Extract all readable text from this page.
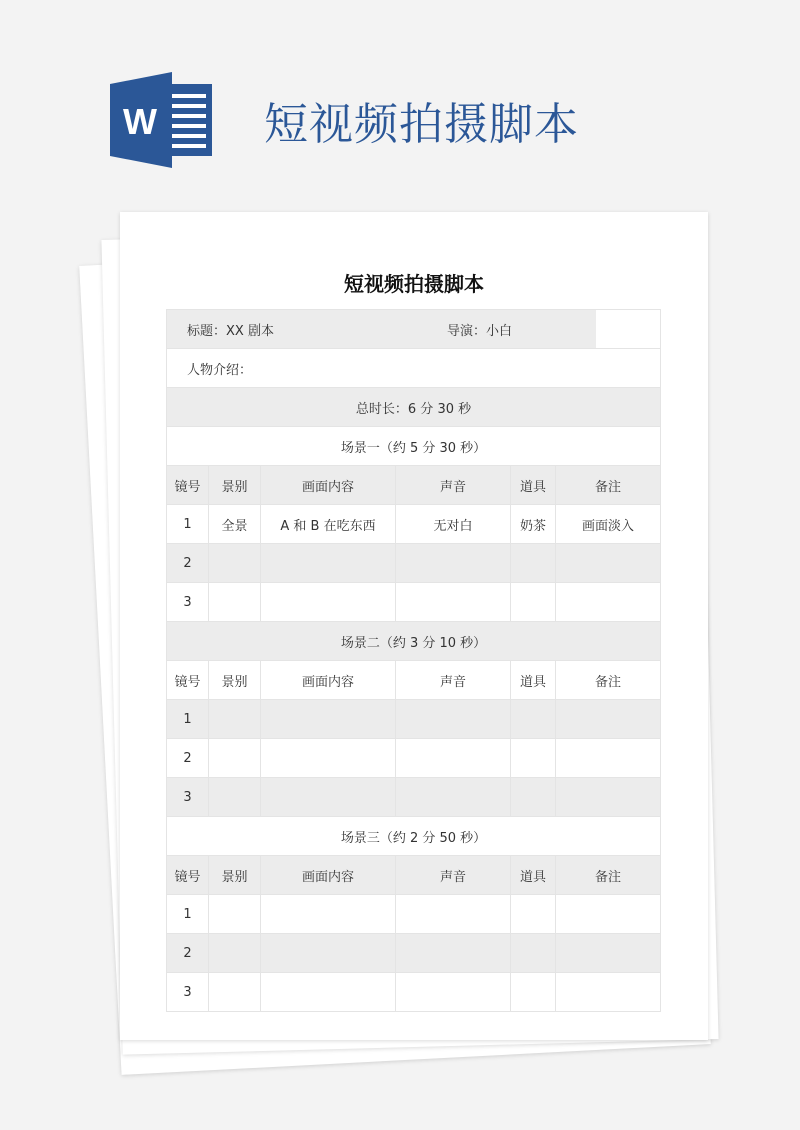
W 短视频拍摄脚本
短视频拍摄脚本
标题：XX 剧本	导演：小白
人物介绍：
总时长：6 分 30 秒
场景一（约 5 分 30 秒）
镜号	景别	画面内容	声音	道具	备注
1	全景	A 和 B 在吃东西	无对白	奶茶	画面淡入
2					
3					
场景二（约 3 分 10 秒）
镜号	景别	画面内容	声音	道具	备注
1					
2					
3					
场景三（约 2 分 50 秒）
镜号	景别	画面内容	声音	道具	备注
1					
2					
3					
